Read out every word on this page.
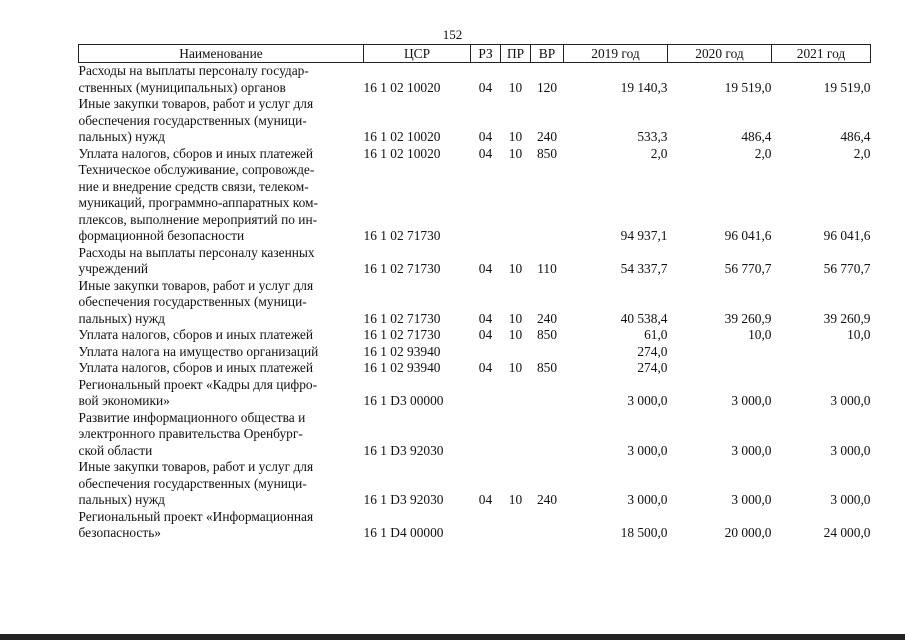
152
Наименование	ЦСР	РЗ	ПР	ВР	2019 год	2020 год	2021 год

Расходы на выплаты персоналу государ-
ственных (муниципальных) органов	16 1 02 10020	04	10	120	19 140,3	19 519,0	19 519,0

Иные закупки товаров, работ и услуг для
обеспечения государственных (муници-
пальных) нужд	16 1 02 10020	04	10	240	533,3	486,4	486,4

Уплата налогов, сборов и иных платежей	16 1 02 10020	04	10	850	2,0	2,0	2,0

Техническое обслуживание, сопровожде-
ние и внедрение средств связи, телеком-
муникаций, программно-аппаратных ком-
плексов, выполнение мероприятий по ин-
формационной безопасности	16 1 02 71730				94 937,1	96 041,6	96 041,6

Расходы на выплаты персоналу казенных
учреждений	16 1 02 71730	04	10	110	54 337,7	56 770,7	56 770,7

Иные закупки товаров, работ и услуг для
обеспечения государственных (муници-
пальных) нужд	16 1 02 71730	04	10	240	40 538,4	39 260,9	39 260,9

Уплата налогов, сборов и иных платежей	16 1 02 71730	04	10	850	61,0	10,0	10,0

Уплата налога на имущество организаций	16 1 02 93940				274,0		

Уплата налогов, сборов и иных платежей	16 1 02 93940	04	10	850	274,0		

Региональный проект «Кадры для цифро-
вой экономики»	16 1 D3 00000				3 000,0	3 000,0	3 000,0

Развитие информационного общества и
электронного правительства Оренбург-
ской области	16 1 D3 92030				3 000,0	3 000,0	3 000,0

Иные закупки товаров, работ и услуг для
обеспечения государственных (муници-
пальных) нужд	16 1 D3 92030	04	10	240	3 000,0	3 000,0	3 000,0

Региональный проект «Информационная
безопасность»	16 1 D4 00000				18 500,0	20 000,0	24 000,0
